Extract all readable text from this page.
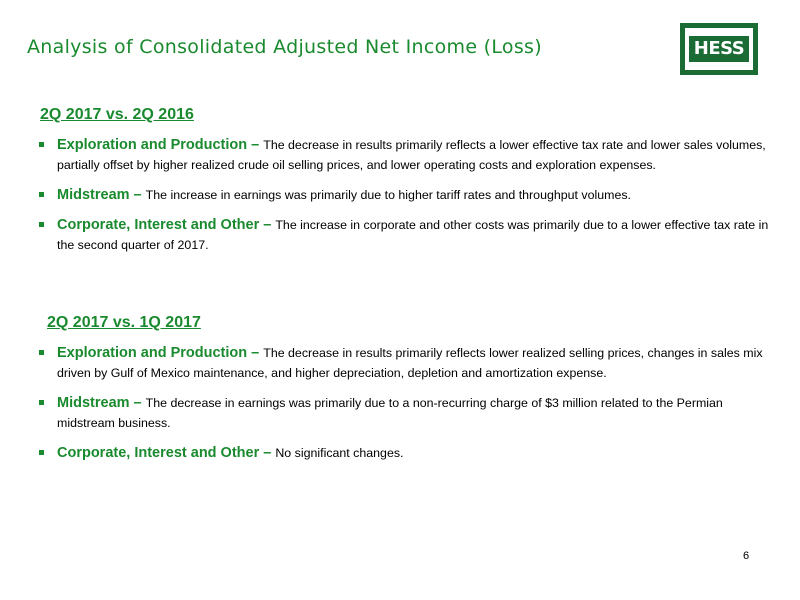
Analysis of Consolidated Adjusted Net Income (Loss)	HESS
2Q 2017 vs. 2Q 2016
Exploration and Production – The decrease in results primarily reflects a lower effective tax rate and lower sales volumes, partially offset by higher realized crude oil selling prices, and lower operating costs and exploration expenses.
Midstream – The increase in earnings was primarily due to higher tariff rates and throughput volumes.
Corporate, Interest and Other – The increase in corporate and other costs was primarily due to a lower effective tax rate in the second quarter of 2017.
2Q 2017 vs. 1Q 2017
Exploration and Production – The decrease in results primarily reflects lower realized selling prices, changes in sales mix driven by Gulf of Mexico maintenance, and higher depreciation, depletion and amortization expense.
Midstream – The decrease in earnings was primarily due to a non-recurring charge of $3 million related to the Permian midstream business.
Corporate, Interest and Other – No significant changes.
6
